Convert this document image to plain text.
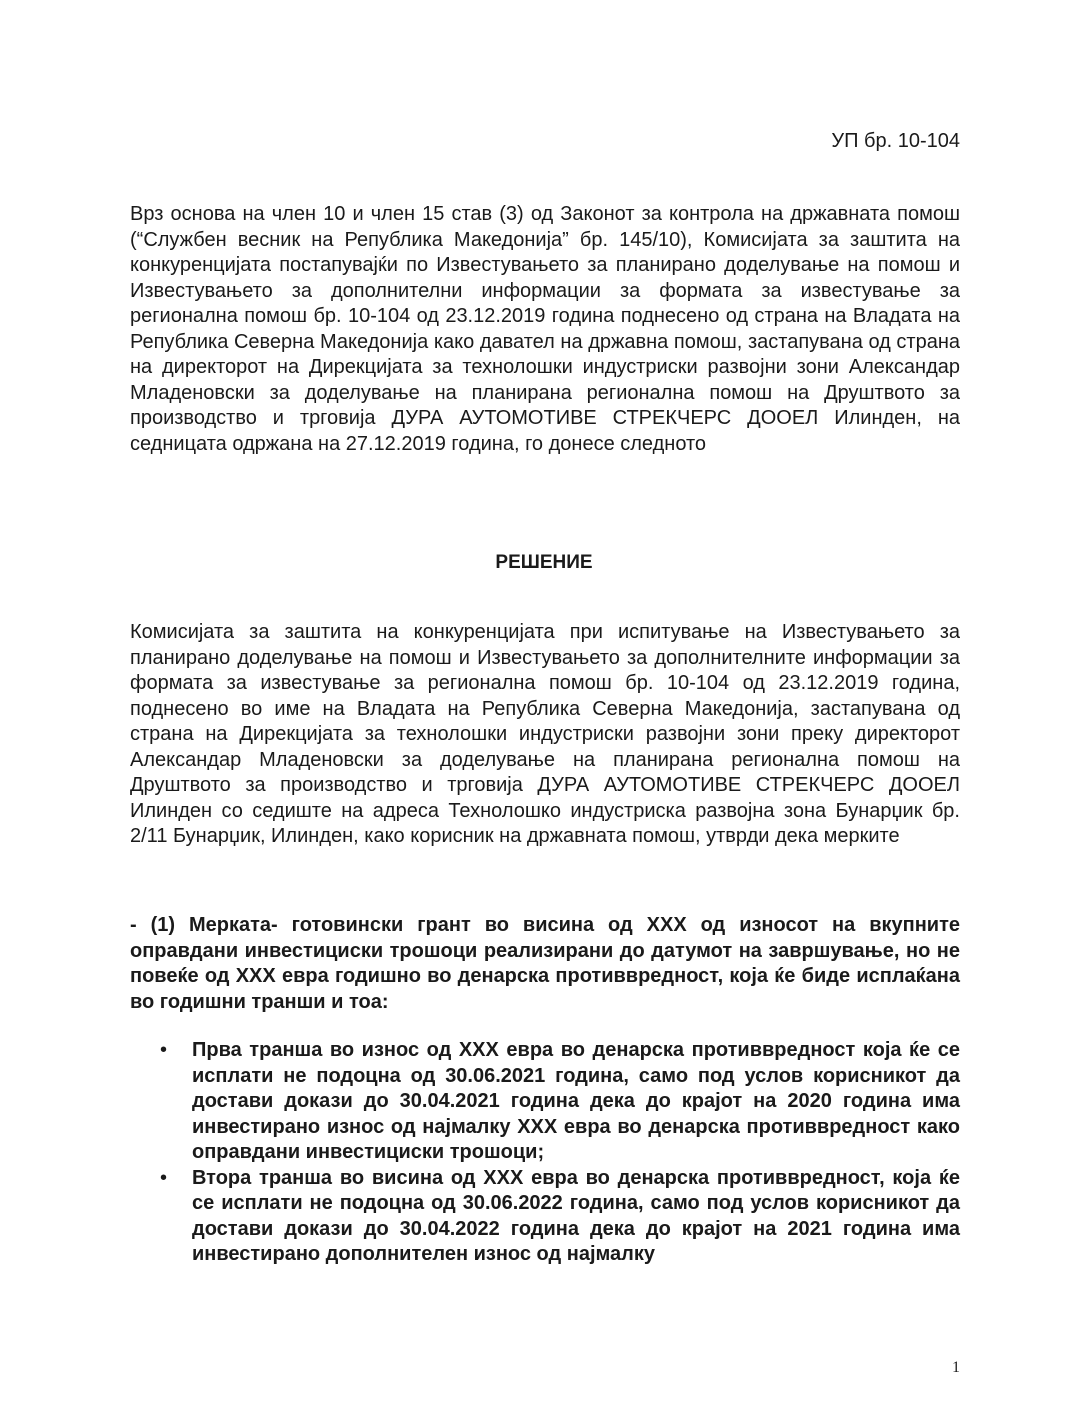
УП бр. 10-104
Врз основа на член 10 и член 15 став (3) од Законот за контрола на државната помош (“Службен весник на Република Македонија” бр. 145/10), Комисијата за заштита на конкуренцијата постапувајќи по Известувањето за планирано доделување на помош и Известувањето за дополнителни информации за формата за известување за регионална помош бр. 10-104 од 23.12.2019 година поднесено од страна на Владата на Република Северна Македонија како давател на државна помош, застапувана од страна на директорот на Дирекцијата за технолошки индустриски развојни зони Александар Младеновски за доделување на планирана регионална помош на Друштвото за производство и трговија ДУРА АУТОМОТИВЕ СТРЕКЧЕРС ДООЕЛ Илинден, на седницата одржана на 27.12.2019 година, го донесе следното
РЕШЕНИЕ
Комисијата за заштита на конкуренцијата при испитување на Известувањето за планирано доделување на помош и Известувањето за дополнителните информации за формата за известување за регионална помош бр. 10-104 од 23.12.2019 година, поднесено во име на Владата на Република Северна Македонија, застапувана од страна на Дирекцијата за технолошки индустриски развојни зони преку директорот Александар Младеновски за доделување на планирана регионална помош на Друштвото за производство и трговија ДУРА АУТОМОТИВЕ СТРЕКЧЕРС ДООЕЛ Илинден со седиште на адреса Технолошко индустриска развојна зона Бунарџик бр. 2/11 Бунарџик, Илинден, како корисник на државната помош, утврди дека мерките
- (1) Мерката- готовински грант во висина од XXX од износот на вкупните оправдани инвестициски трошоци реализирани до датумот на завршување, но не повеќе од XXX евра годишно во денарска противвредност, која ќе биде исплаќана во годишни транши и тоа:
• Прва транша во износ од XXX евра во денарска противвредност која ќе се исплати не подоцна од 30.06.2021 година, само под услов корисникот да достави докази до 30.04.2021 година дека до крајот на 2020 година има инвестирано износ од најмалку XXX евра во денарска противвредност како оправдани инвестициски трошоци;
• Втора транша во висина од XXX евра во денарска противвредност, која ќе се исплати не подоцна од 30.06.2022 година, само под услов корисникот да достави докази до 30.04.2022 година дека до крајот на 2021 година има инвестирано дополнителен износ од најмалку
1
